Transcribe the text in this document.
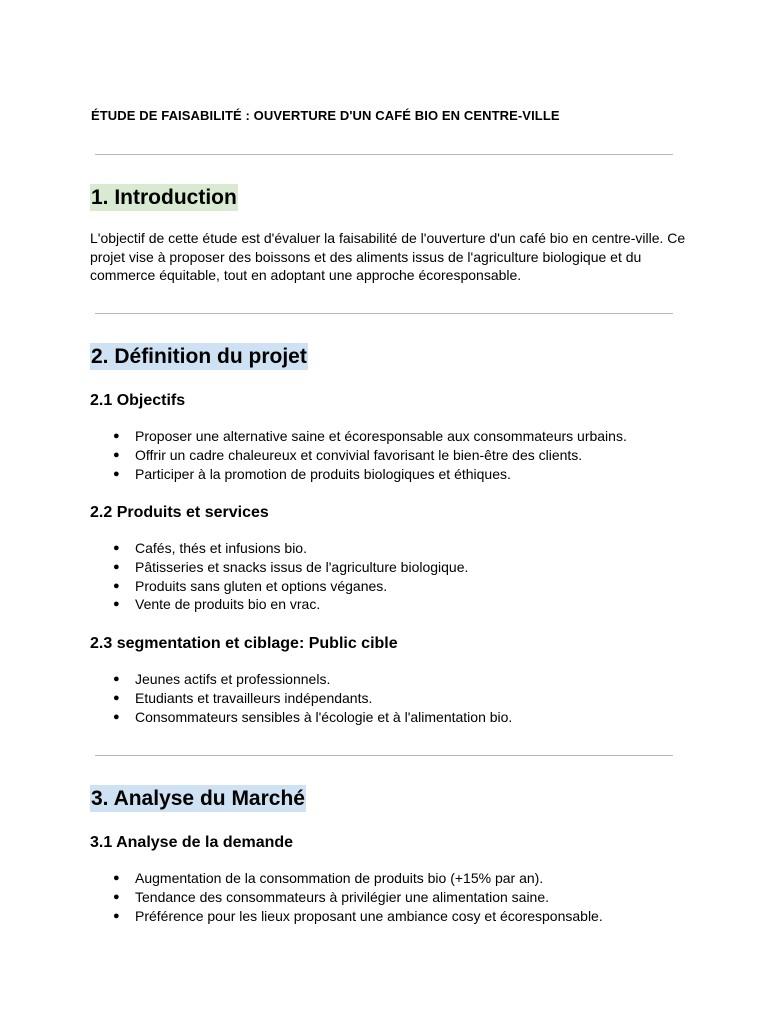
ÉTUDE DE FAISABILITÉ : OUVERTURE D'UN CAFÉ BIO EN CENTRE-VILLE
1. Introduction
L'objectif de cette étude est d'évaluer la faisabilité de l'ouverture d'un café bio en centre-ville. Ce
projet vise à proposer des boissons et des aliments issus de l'agriculture biologique et du
commerce équitable, tout en adoptant une approche écoresponsable.
2. Définition du projet
2.1 Objectifs
● Proposer une alternative saine et écoresponsable aux consommateurs urbains.
● Offrir un cadre chaleureux et convivial favorisant le bien-être des clients.
● Participer à la promotion de produits biologiques et éthiques.
2.2 Produits et services
● Cafés, thés et infusions bio.
● Pâtisseries et snacks issus de l'agriculture biologique.
● Produits sans gluten et options véganes.
● Vente de produits bio en vrac.
2.3 segmentation et ciblage: Public cible
● Jeunes actifs et professionnels.
● Etudiants et travailleurs indépendants.
● Consommateurs sensibles à l'écologie et à l'alimentation bio.
3. Analyse du Marché
3.1 Analyse de la demande
● Augmentation de la consommation de produits bio (+15% par an).
● Tendance des consommateurs à privilégier une alimentation saine.
● Préférence pour les lieux proposant une ambiance cosy et écoresponsable.
